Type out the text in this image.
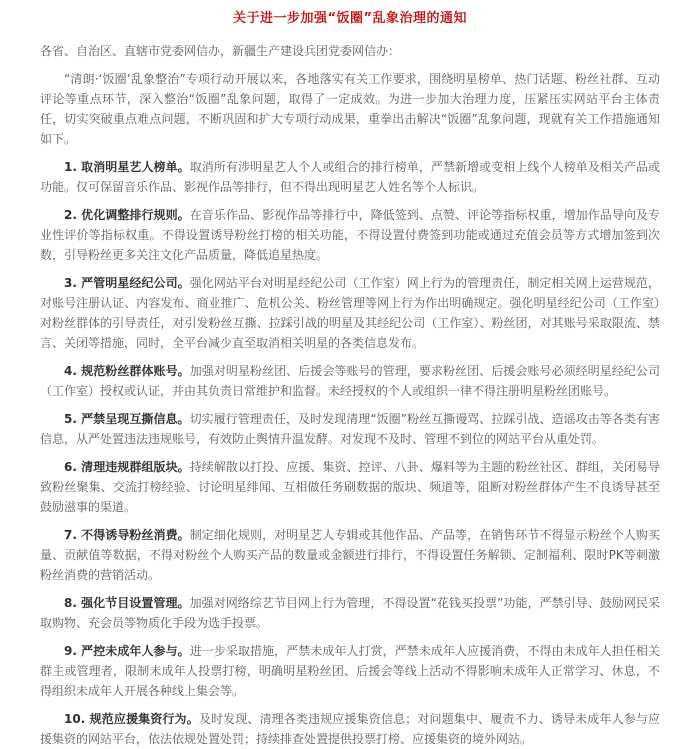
关于进一步加强“饭圈”乱象治理的通知

各省、自治区、直辖市党委网信办，新疆生产建设兵团党委网信办：

“清朗·‘饭圈’乱象整治”专项行动开展以来，各地落实有关工作要求，围绕明星榜单、热门话题、粉丝社群、互动评论等重点环节，深入整治“饭圈”乱象问题，取得了一定成效。为进一步加大治理力度，压紧压实网站平台主体责任，切实突破重点难点问题，不断巩固和扩大专项行动成果，重拳出击解决“饭圈”乱象问题，现就有关工作措施通知如下。

1. 取消明星艺人榜单。取消所有涉明星艺人个人或组合的排行榜单，严禁新增或变相上线个人榜单及相关产品或功能。仅可保留音乐作品、影视作品等排行，但不得出现明星艺人姓名等个人标识。

2. 优化调整排行规则。在音乐作品、影视作品等排行中，降低签到、点赞、评论等指标权重，增加作品导向及专业性评价等指标权重。不得设置诱导粉丝打榜的相关功能，不得设置付费签到功能或通过充值会员等方式增加签到次数，引导粉丝更多关注文化产品质量，降低追星热度。

3. 严管明星经纪公司。强化网站平台对明星经纪公司（工作室）网上行为的管理责任，制定相关网上运营规范，对账号注册认证、内容发布、商业推广、危机公关、粉丝管理等网上行为作出明确规定。强化明星经纪公司（工作室）对粉丝群体的引导责任，对引发粉丝互撕、拉踩引战的明星及其经纪公司（工作室）、粉丝团，对其账号采取限流、禁言、关闭等措施，同时，全平台减少直至取消相关明星的各类信息发布。

4. 规范粉丝群体账号。加强对明星粉丝团、后援会等账号的管理，要求粉丝团、后援会账号必须经明星经纪公司（工作室）授权或认证，并由其负责日常维护和监督。未经授权的个人或组织一律不得注册明星粉丝团账号。

5. 严禁呈现互撕信息。切实履行管理责任，及时发现清理“饭圈”粉丝互撕谩骂、拉踩引战、造谣攻击等各类有害信息，从严处置违法违规账号，有效防止舆情升温发酵。对发现不及时、管理不到位的网站平台从重处罚。

6. 清理违规群组版块。持续解散以打投、应援、集资、控评、八卦、爆料等为主题的粉丝社区、群组，关闭易导致粉丝聚集、交流打榜经验、讨论明星绯闻、互相做任务刷数据的版块、频道等，阻断对粉丝群体产生不良诱导甚至鼓励滋事的渠道。

7. 不得诱导粉丝消费。制定细化规则，对明星艺人专辑或其他作品、产品等，在销售环节不得显示粉丝个人购买量、贡献值等数据，不得对粉丝个人购买产品的数量或金额进行排行，不得设置任务解锁、定制福利、限时PK等刺激粉丝消费的营销活动。

8. 强化节目设置管理。加强对网络综艺节目网上行为管理，不得设置“花钱买投票”功能，严禁引导、鼓励网民采取购物、充会员等物质化手段为选手投票。

9. 严控未成年人参与。进一步采取措施，严禁未成年人打赏，严禁未成年人应援消费，不得由未成年人担任相关群主或管理者，限制未成年人投票打榜，明确明星粉丝团、后援会等线上活动不得影响未成年人正常学习、休息，不得组织未成年人开展各种线上集会等。

10. 规范应援集资行为。及时发现、清理各类违规应援集资信息；对问题集中、履责不力、诱导未成年人参与应援集资的网站平台，依法依规处置处罚；持续排查处置提供投票打榜、应援集资的境外网站。
